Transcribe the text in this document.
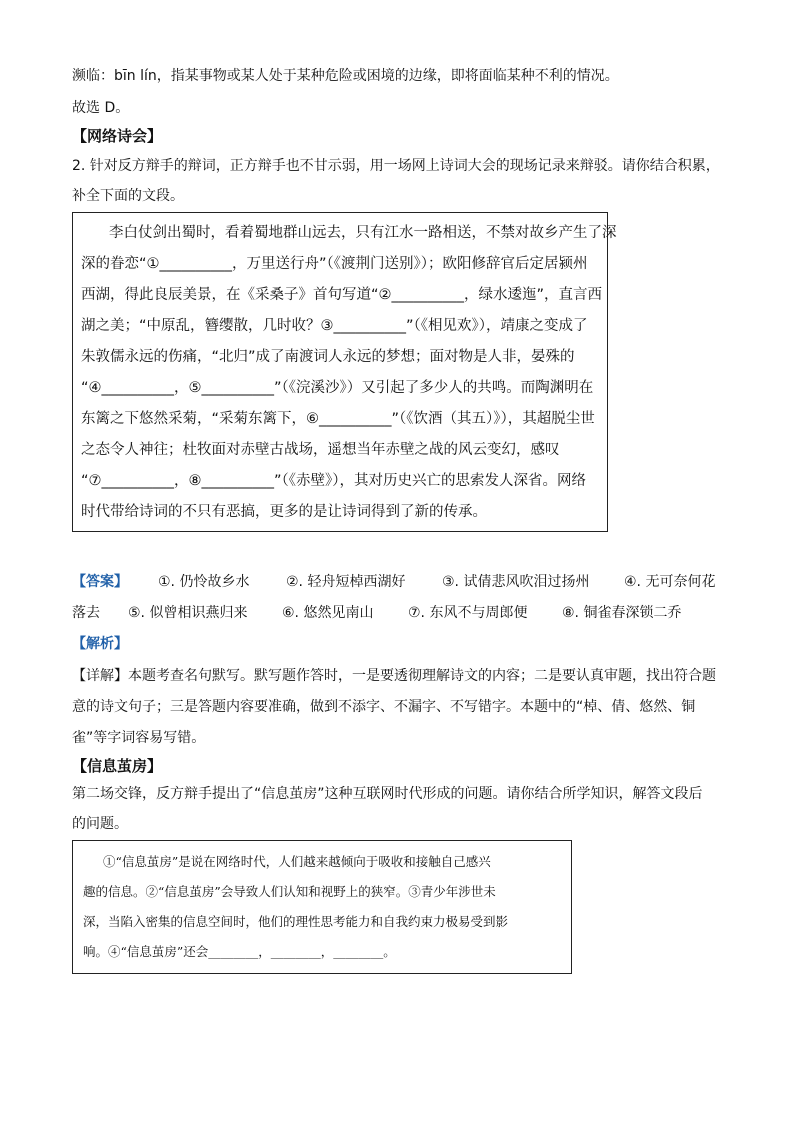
濒临：bīn lín，指某事物或某人处于某种危险或困境的边缘，即将面临某种不利的情况。
故选 D。
【网络诗会】
2. 针对反方辩手的辩词，正方辩手也不甘示弱，用一场网上诗词大会的现场记录来辩驳。请你结合积累，
补全下面的文段。
李白仗剑出蜀时，看着蜀地群山远去，只有江水一路相送，不禁对故乡产生了深
深的眷恋“①__________，万里送行舟”（《渡荆门送别》）；欧阳修辞官后定居颍州
西湖，得此良辰美景，在《采桑子》首句写道“②__________，绿水逶迤”，直言西
湖之美；“中原乱，簪缨散，几时收？③__________”（《相见欢》），靖康之变成了
朱敦儒永远的伤痛，“北归”成了南渡词人永远的梦想；面对物是人非，晏殊的
“④__________，⑤__________”（《浣溪沙》）又引起了多少人的共鸣。而陶渊明在
东篱之下悠然采菊，“采菊东篱下，⑥__________”（《饮酒（其五）》），其超脱尘世
之态令人神往；杜牧面对赤壁古战场，遥想当年赤壁之战的风云变幻，感叹
“⑦__________，⑧__________”（《赤壁》），其对历史兴亡的思索发人深省。网络
时代带给诗词的不只有恶搞，更多的是让诗词得到了新的传承。
【答案】 ①. 仍怜故乡水	②. 轻舟短棹西湖好	③. 试倩悲风吹泪过扬州 ④. 无可奈何花
落去 ⑤. 似曾相识燕归来 ⑥. 悠然见南山 ⑦. 东风不与周郎便 ⑧. 铜雀春深锁二乔
【解析】
【详解】本题考查名句默写。默写题作答时，一是要透彻理解诗文的内容；二是要认真审题，找出符合题
意的诗文句子；三是答题内容要准确，做到不添字、不漏字、不写错字。本题中的“棹、倩、悠然、铜
雀”等字词容易写错。
【信息茧房】
第二场交锋，反方辩手提出了“信息茧房”这种互联网时代形成的问题。请你结合所学知识，解答文段后
的问题。
①“信息茧房”是说在网络时代，人们越来越倾向于吸收和接触自己感兴
趣的信息。②“信息茧房”会导致人们认知和视野上的狭窄。③青少年涉世未
深，当陷入密集的信息空间时，他们的理性思考能力和自我约束力极易受到影
响。④“信息茧房”还会________，________，________。
